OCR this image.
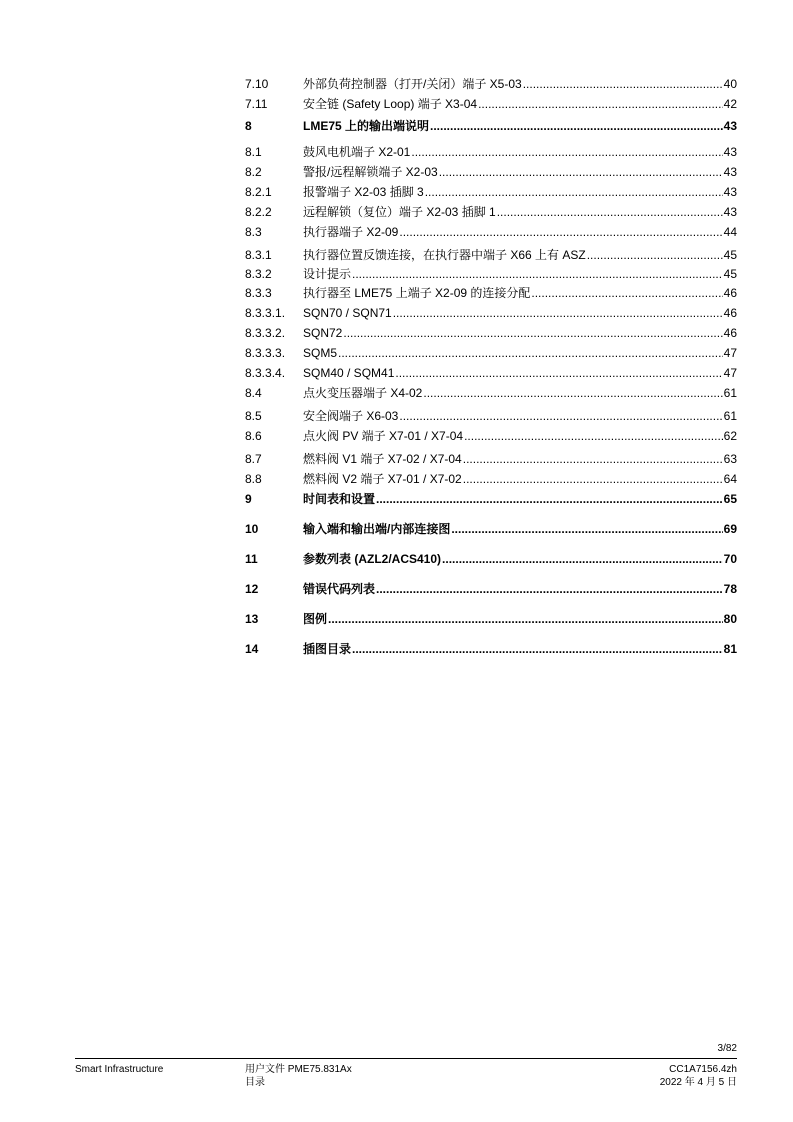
7.10	外部负荷控制器（打开/关闭）端子 X5-03 .....	40
7.11	安全链 (Safety Loop) 端子 X3-04 .....	42
8	LME75 上的输出端说明 .....	43
8.1	鼓风电机端子 X2-01 .....	43
8.2	警报/远程解锁端子 X2-03 .....	43
8.2.1	报警端子 X2-03 插脚 3 .....	43
8.2.2	远程解锁（复位）端子 X2-03 插脚 1 .....	43
8.3	执行器端子 X2-09 .....	44
8.3.1	执行器位置反馈连接，在执行器中端子 X66 上有 ASZ .....	45
8.3.2	设计提示 .....	45
8.3.3	执行器至 LME75 上端子 X2-09 的连接分配 .....	46
8.3.3.1.	SQN70 / SQN71 .....	46
8.3.3.2.	SQN72 .....	46
8.3.3.3.	SQM5 .....	47
8.3.3.4.	SQM40 / SQM41 .....	47
8.4	点火变压器端子 X4-02 .....	61
8.5	安全阀端子 X6-03 .....	61
8.6	点火阀 PV 端子 X7-01 / X7-04 .....	62
8.7	燃料阀 V1 端子 X7-02 / X7-04 .....	63
8.8	燃料阀 V2 端子 X7-01 / X7-02 .....	64
9	时间表和设置 .....	65
10	输入端和输出端/内部连接图 .....	69
11	参数列表 (AZL2/ACS410) .....	70
12	错误代码列表 .....	78
13	图例 .....	80
14	插图目录 .....	81
3/82
Smart Infrastructure	用户文件 PME75.831Ax
目录
CC1A7156.4zh
2022 年 4 月 5 日
